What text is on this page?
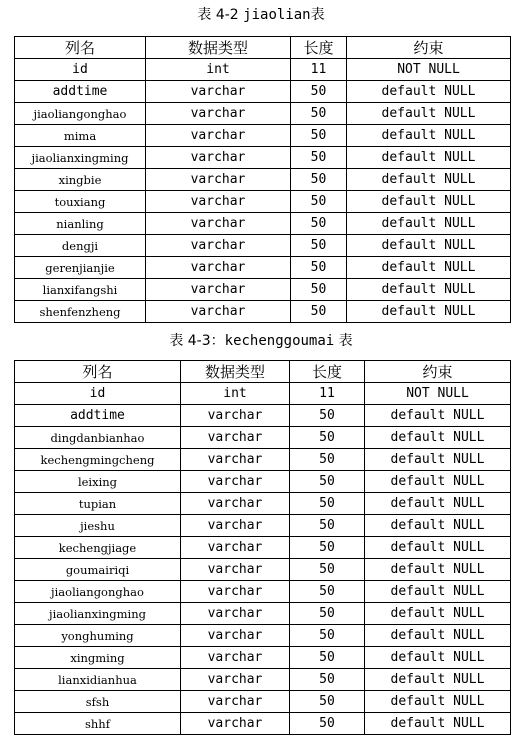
表 4-2 jiaolian表
列名	数据类型	长度	约束
id	int	11	NOT NULL
addtime	varchar	50	default NULL
jiaoliangonghao	varchar	50	default NULL
mima	varchar	50	default NULL
jiaolianxingming	varchar	50	default NULL
xingbie	varchar	50	default NULL
touxiang	varchar	50	default NULL
nianling	varchar	50	default NULL
dengji	varchar	50	default NULL
gerenjianjie	varchar	50	default NULL
lianxifangshi	varchar	50	default NULL
shenfenzheng	varchar	50	default NULL
表 4-3：kechenggoumai 表
列名	数据类型	长度	约束
id	int	11	NOT NULL
addtime	varchar	50	default NULL
dingdanbianhao	varchar	50	default NULL
kechengmingcheng	varchar	50	default NULL
leixing	varchar	50	default NULL
tupian	varchar	50	default NULL
jieshu	varchar	50	default NULL
kechengjiage	varchar	50	default NULL
goumairiqi	varchar	50	default NULL
jiaoliangonghao	varchar	50	default NULL
jiaolianxingming	varchar	50	default NULL
yonghuming	varchar	50	default NULL
xingming	varchar	50	default NULL
lianxidianhua	varchar	50	default NULL
sfsh	varchar	50	default NULL
shhf	varchar	50	default NULL
